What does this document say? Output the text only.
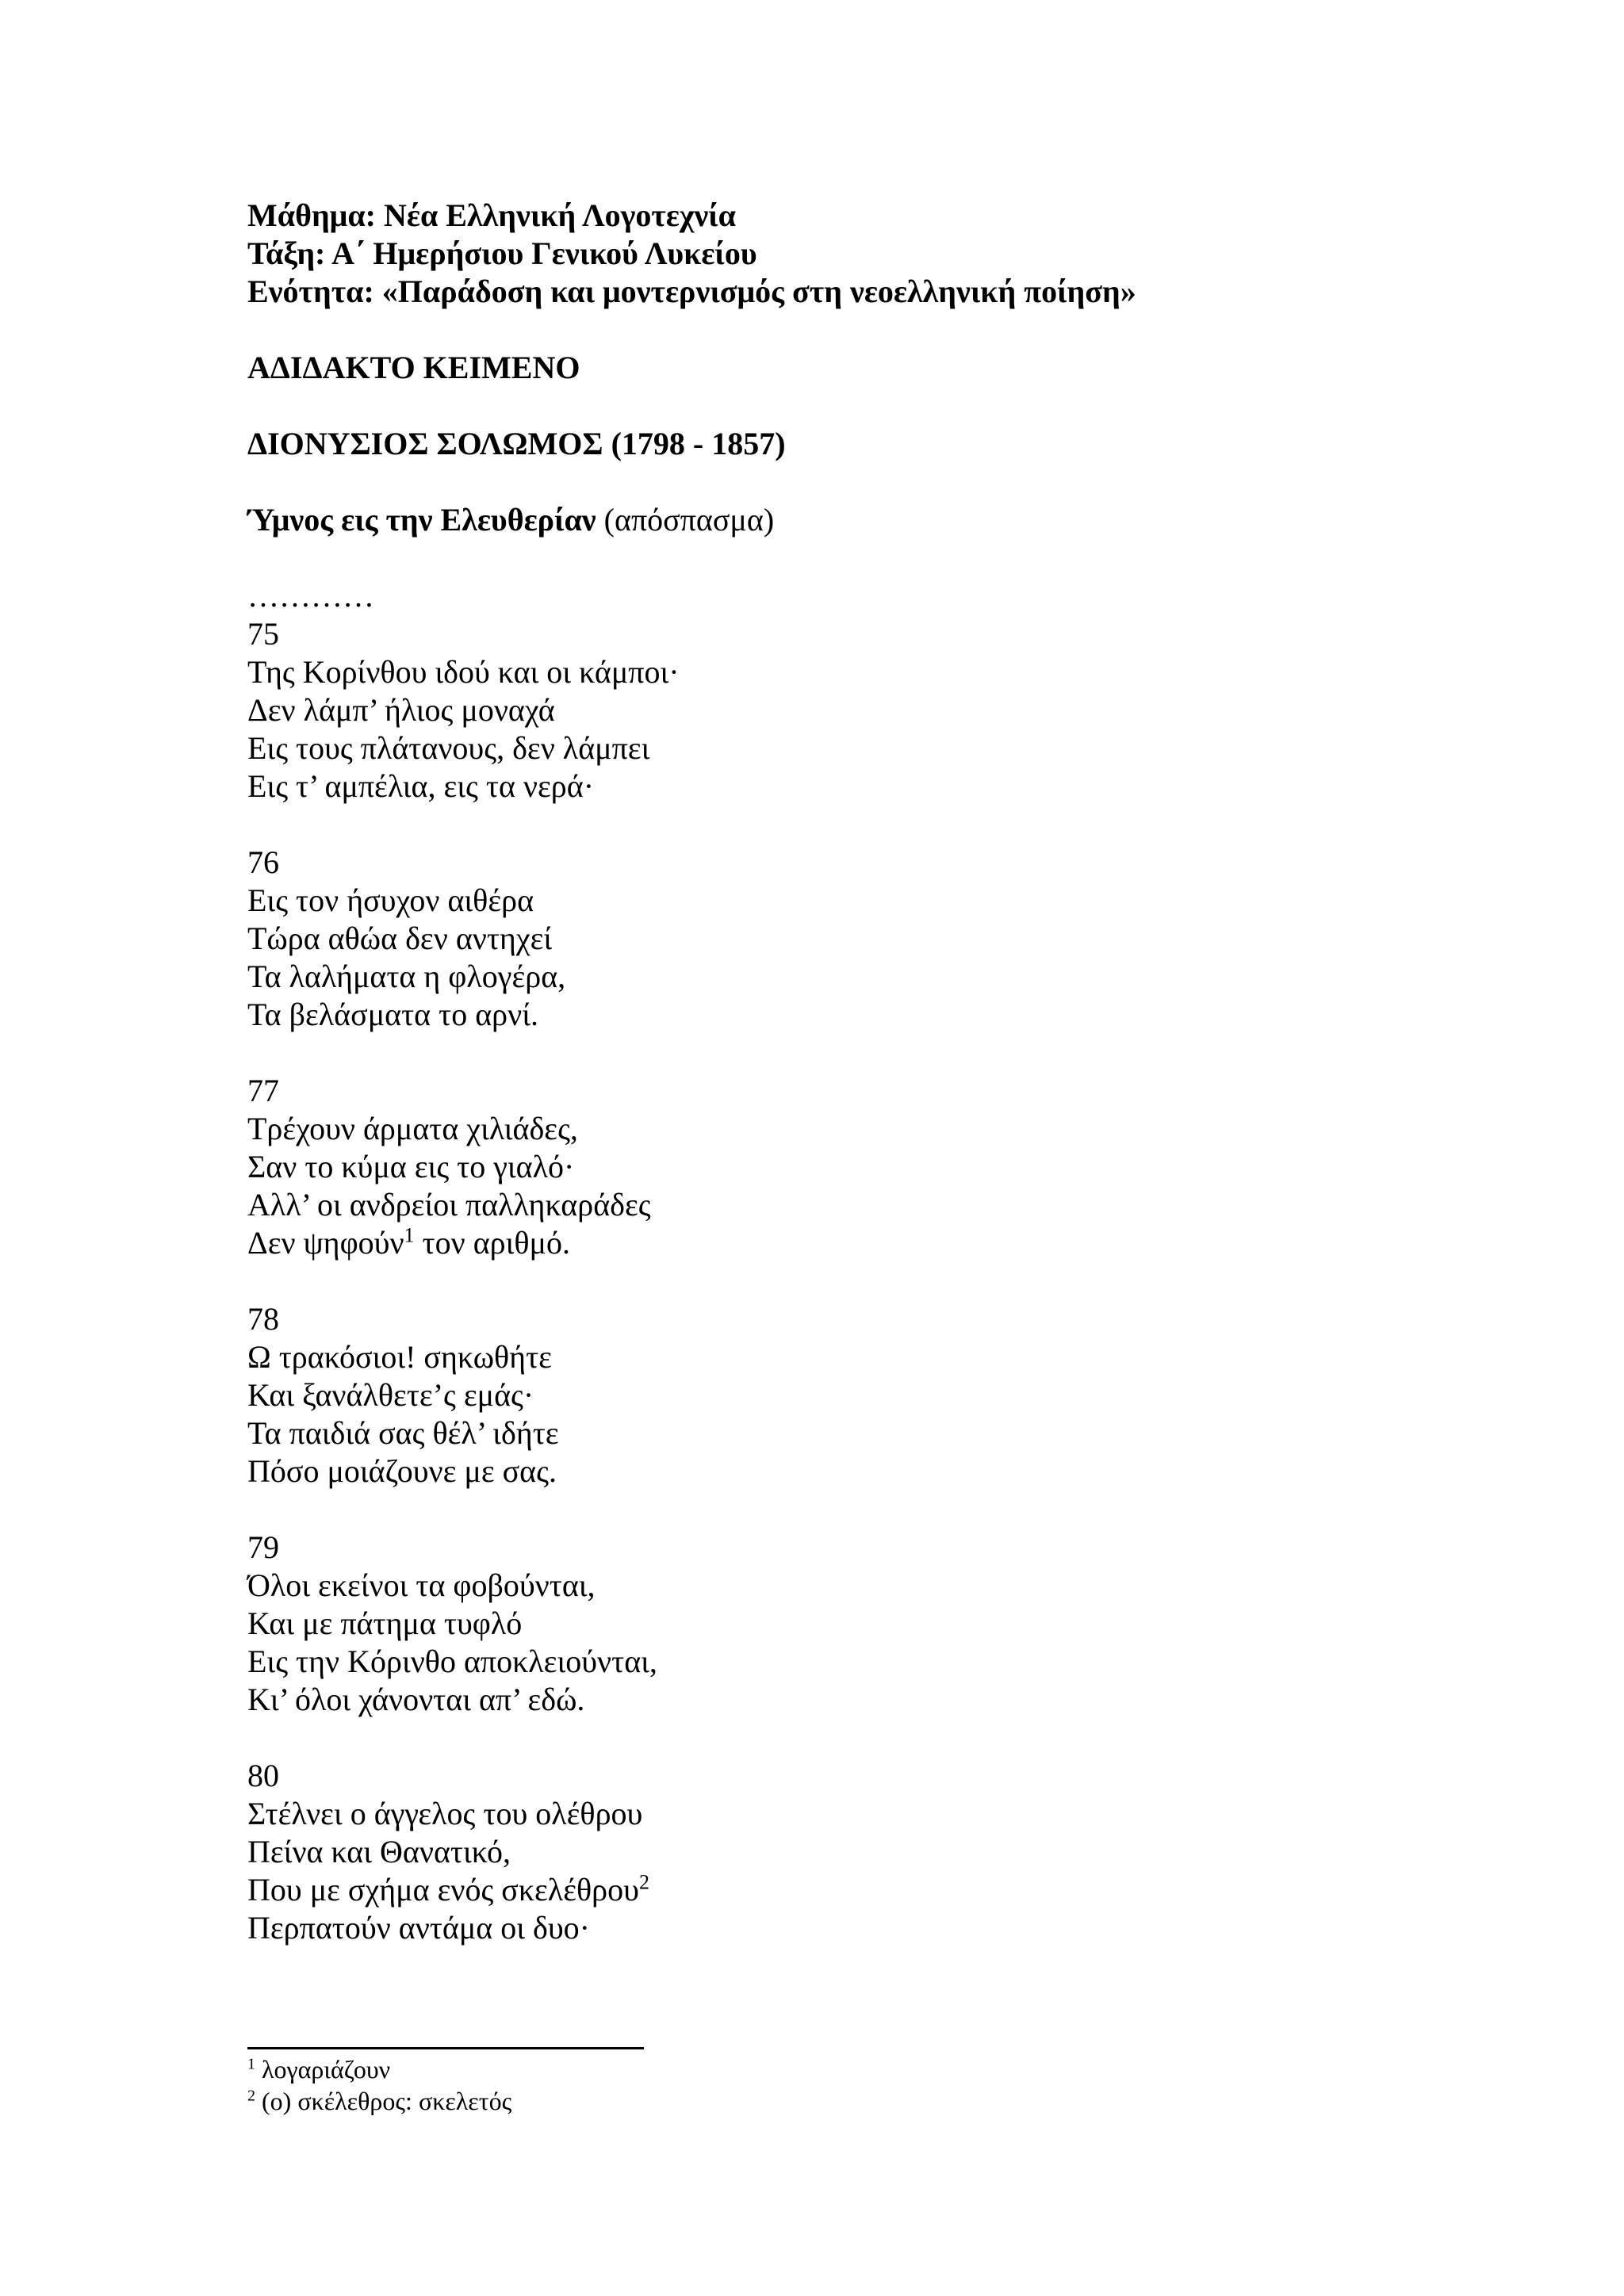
Μάθημα: Νέα Ελληνική Λογοτεχνία
Τάξη: Α΄ Ημερήσιου Γενικού Λυκείου
Ενότητα: «Παράδοση και μοντερνισμός στη νεοελληνική ποίηση»
ΑΔΙΔΑΚΤΟ ΚΕΙΜΕΝΟ
ΔΙΟΝΥΣΙΟΣ ΣΟΛΩΜΟΣ (1798 - 1857)
Ύμνος εις την Ελευθερίαν (απόσπασμα)
…………
75
Της Κορίνθου ιδού και οι κάμποι·
Δεν λάμπ’ ήλιος μοναχά
Εις τους πλάτανους, δεν λάμπει
Εις τ’ αμπέλια, εις τα νερά·
76
Εις τον ήσυχον αιθέρα
Τώρα αθώα δεν αντηχεί
Τα λαλήματα η φλογέρα,
Τα βελάσματα το αρνί.
77
Τρέχουν άρματα χιλιάδες,
Σαν το κύμα εις το γιαλό·
Αλλ’ οι ανδρείοι παλληκαράδες
Δεν ψηφούν$^1$ τον αριθμό.
78
Ω τρακόσιοι! σηκωθήτε
Και ξανάλθετε’ς εμάς·
Τα παιδιά σας θέλ’ ιδήτε
Πόσο μοιάζουνε με σας.
79
Όλοι εκείνοι τα φοβούνται,
Και με πάτημα τυφλό
Εις την Κόρινθο αποκλειούνται,
Κι’ όλοι χάνονται απ’ εδώ.
80
Στέλνει ο άγγελος του ολέθρου
Πείνα και Θανατικό,
Που με σχήμα ενός σκελέθρου$^2$
Περπατούν αντάμα οι δυο·
$^1$ λογαριάζουν
$^2$ (ο) σκέλεθρος: σκελετός
